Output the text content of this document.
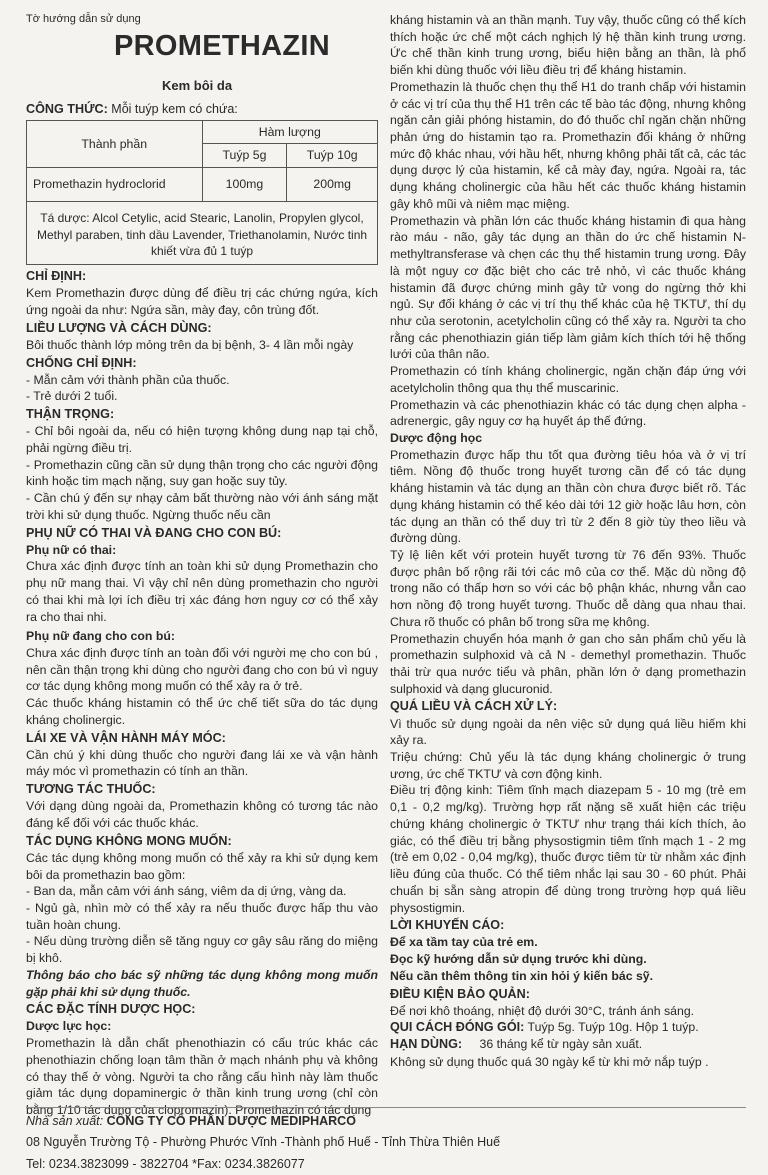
Tờ hướng dẫn sử dụng
PROMETHAZIN
Kem bôi da
CÔNG THỨC: Mỗi tuýp kem có chứa:
Thành phần	Hàm lượng	
	Tuýp 5g	Tuýp 10g
Promethazin hydroclorid	100mg	200mg
Tá dược: Alcol Cetylic, acid Stearic, Lanolin, Propylen glycol, Methyl paraben, tinh dầu Lavender, Triethanolamin, Nước tinh khiết vừa đủ 1 tuýp		

CHỈ ĐỊNH:

Kem Promethazin được dùng để điều trị các chứng ngứa, kích ứng ngoài da như: Ngứa sần, mày đay, côn trùng đốt.

LIỀU LƯỢNG VÀ CÁCH DÙNG:

Bôi thuốc thành lớp mỏng trên da bị bệnh, 3- 4 lần mỗi ngày

CHỐNG CHỈ ĐỊNH:

- Mẫn cảm với thành phần của thuốc.

- Trẻ dưới 2 tuổi.

THẬN TRỌNG:

- Chỉ bôi ngoài da, nếu có hiện tượng không dung nạp tại chỗ, phải ngừng điều trị.

- Promethazin cũng cần sử dụng thận trọng cho các người động kinh hoặc tim mạch nặng, suy gan hoặc suy tủy.

- Cần chú ý đến sự nhạy cảm bất thường nào với ánh sáng mặt trời khi sử dụng thuốc. Ngừng thuốc nếu cần

PHỤ NỮ CÓ THAI VÀ ĐANG CHO CON BÚ:

Phụ nữ có thai:

Chưa xác định được tính an toàn khi sử dụng Promethazin cho phụ nữ mang thai. Vì vậy chỉ nên dùng promethazin cho người có thai khi mà lợi ích điều trị xác đáng hơn nguy cơ có thể xảy ra cho thai nhi.

Phụ nữ đang cho con bú:

Chưa xác định được tính an toàn đối với người mẹ cho con bú , nên cần thận trọng khi dùng cho người đang cho con bú vì nguy cơ tác dụng không mong muốn có thể xảy ra ở trẻ.

Các thuốc kháng histamin có thể ức chế tiết sữa do tác dụng kháng cholinergic.

LÁI XE VÀ VẬN HÀNH MÁY MÓC:

Cần chú ý khi dùng thuốc cho người đang lái xe và vận hành máy móc vì promethazin có tính an thần.

TƯƠNG TÁC THUỐC:

Với dạng dùng ngoài da, Promethazin không có tương tác nào đáng kể đối với các thuốc khác.

TÁC DỤNG KHÔNG MONG MUỐN:

Các tác dụng không mong muốn có thể xảy ra khi sử dụng kem bôi da promethazin bao gồm:

- Ban da, mẫn cảm với ánh sáng, viêm da dị ứng, vàng da.

- Ngủ gà, nhìn mờ có thể xảy ra nếu thuốc được hấp thu vào tuần hoàn chung.

- Nếu dùng trường diễn sẽ tăng nguy cơ gây sâu răng do miệng bị khô.

Thông báo cho bác sỹ những tác dụng không mong muốn gặp phải khi sử dụng thuốc.

CÁC ĐẶC TÍNH DƯỢC HỌC:

Dược lực học:

Promethazin là dẫn chất phenothiazin có cấu trúc khác các phenothiazin chống loạn tâm thần ở mạch nhánh phụ và không có thay thế ở vòng. Người ta cho rằng cấu hình này làm thuốc giảm tác dụng dopaminergic ở thần kinh trung ương (chỉ còn bằng 1/10 tác dụng của clopromazin). Promethazin có tác dụng

kháng histamin và an thần mạnh. Tuy vậy, thuốc cũng có thể kích thích hoặc ức chế một cách nghịch lý hệ thần kinh trung ương. Ức chế thần kinh trung ương, biểu hiện bằng an thần, là phổ biến khi dùng thuốc với liều điều trị để kháng histamin.

Promethazin là thuốc chẹn thụ thể H1 do tranh chấp với histamin ở các vị trí của thụ thể H1 trên các tế bào tác động, nhưng không ngăn cản giải phóng histamin, do đó thuốc chỉ ngăn chặn những phản ứng do histamin tạo ra. Promethazin đối kháng ở những mức độ khác nhau, với hầu hết, nhưng không phải tất cả, các tác dụng dược lý của histamin, kể cả mày đay, ngứa. Ngoài ra, tác dụng kháng cholinergic của hầu hết các thuốc kháng histamin gây khô mũi và niêm mạc miệng.

Promethazin và phần lớn các thuốc kháng histamin đi qua hàng rào máu - não, gây tác dụng an thần do ức chế histamin N-methyltransferase và chẹn các thụ thể histamin trung ương. Đây là một nguy cơ đặc biệt cho các trẻ nhỏ, vì các thuốc kháng histamin đã được chứng minh gây tử vong do ngừng thở khi ngủ. Sự đối kháng ở các vị trí thụ thể khác của hệ TKTƯ, thí dụ như của serotonin, acetylcholin cũng có thể xảy ra. Người ta cho rằng các phenothiazin gián tiếp làm giảm kích thích tới hệ thống lưới của thân não.

Promethazin có tính kháng cholinergic, ngăn chặn đáp ứng với acetylcholin thông qua thụ thể muscarinic.

Promethazin và các phenothiazin khác có tác dụng chẹn alpha - adrenergic, gây nguy cơ hạ huyết áp thế đứng.

Dược động học

Promethazin được hấp thu tốt qua đường tiêu hóa và ở vị trí tiêm. Nồng độ thuốc trong huyết tương cần để có tác dụng kháng histamin và tác dụng an thần còn chưa được biết rõ. Tác dụng kháng histamin có thể kéo dài tới 12 giờ hoặc lâu hơn, còn tác dụng an thần có thể duy trì từ 2 đến 8 giờ tùy theo liều và đường dùng.

Tỷ lệ liên kết với protein huyết tương từ 76 đến 93%. Thuốc được phân bố rộng rãi tới các mô của cơ thể. Mặc dù nồng độ trong não có thấp hơn so với các bộ phận khác, nhưng vẫn cao hơn nồng độ trong huyết tương. Thuốc dễ dàng qua nhau thai. Chưa rõ thuốc có phân bố trong sữa mẹ không.

Promethazin chuyển hóa mạnh ở gan cho sản phẩm chủ yếu là promethazin sulphoxid và cả N - demethyl promethazin. Thuốc thải trừ qua nước tiểu và phân, phần lớn ở dạng promethazin sulphoxid và dạng glucuronid.

QUÁ LIỀU VÀ CÁCH XỬ LÝ:

Vì thuốc sử dụng ngoài da nên việc sử dụng quá liều hiếm khi xảy ra.

Triệu chứng: Chủ yếu là tác dụng kháng cholinergic ở trung ương, ức chế TKTƯ và cơn động kinh.

Điều trị động kinh: Tiêm tĩnh mạch diazepam 5 - 10 mg (trẻ em 0,1 - 0,2 mg/kg). Trường hợp rất nặng sẽ xuất hiện các triệu chứng kháng cholinergic ở TKTƯ như trạng thái kích thích, ảo giác, có thể điều trị bằng physostigmin tiêm tĩnh mạch 1 - 2 mg (trẻ em 0,02 - 0,04 mg/kg), thuốc được tiêm từ từ nhằm xác định liều đúng của thuốc. Có thể tiêm nhắc lại sau 30 - 60 phút. Phải chuẩn bị sẵn sàng atropin để dùng trong trường hợp quá liều physostigmin.

LỜI KHUYẾN CÁO:

Để xa tầm tay của trẻ em.

Đọc kỹ hướng dẫn sử dụng trước khi dùng.

Nếu cần thêm thông tin xin hỏi ý kiến bác sỹ.

ĐIỀU KIỆN BẢO QUẢN:

Để nơi khô thoáng, nhiệt độ dưới 30°C, tránh ánh sáng.

QUI CÁCH ĐÓNG GÓI: Tuýp 5g. Tuýp 10g. Hộp 1 tuýp.

HẠN DÙNG: 36 tháng kể từ ngày sản xuất.

Không sử dụng thuốc quá 30 ngày kể từ khi mở nắp tuýp .

Nhà sản xuất: CÔNG TY CỔ PHẦN DƯỢC MEDIPHARCO
08 Nguyễn Trường Tộ - Phường Phước Vĩnh -Thành phố Huế - Tỉnh Thừa Thiên Huế
Tel: 0234.3823099 - 3822704 *Fax: 0234.3826077
